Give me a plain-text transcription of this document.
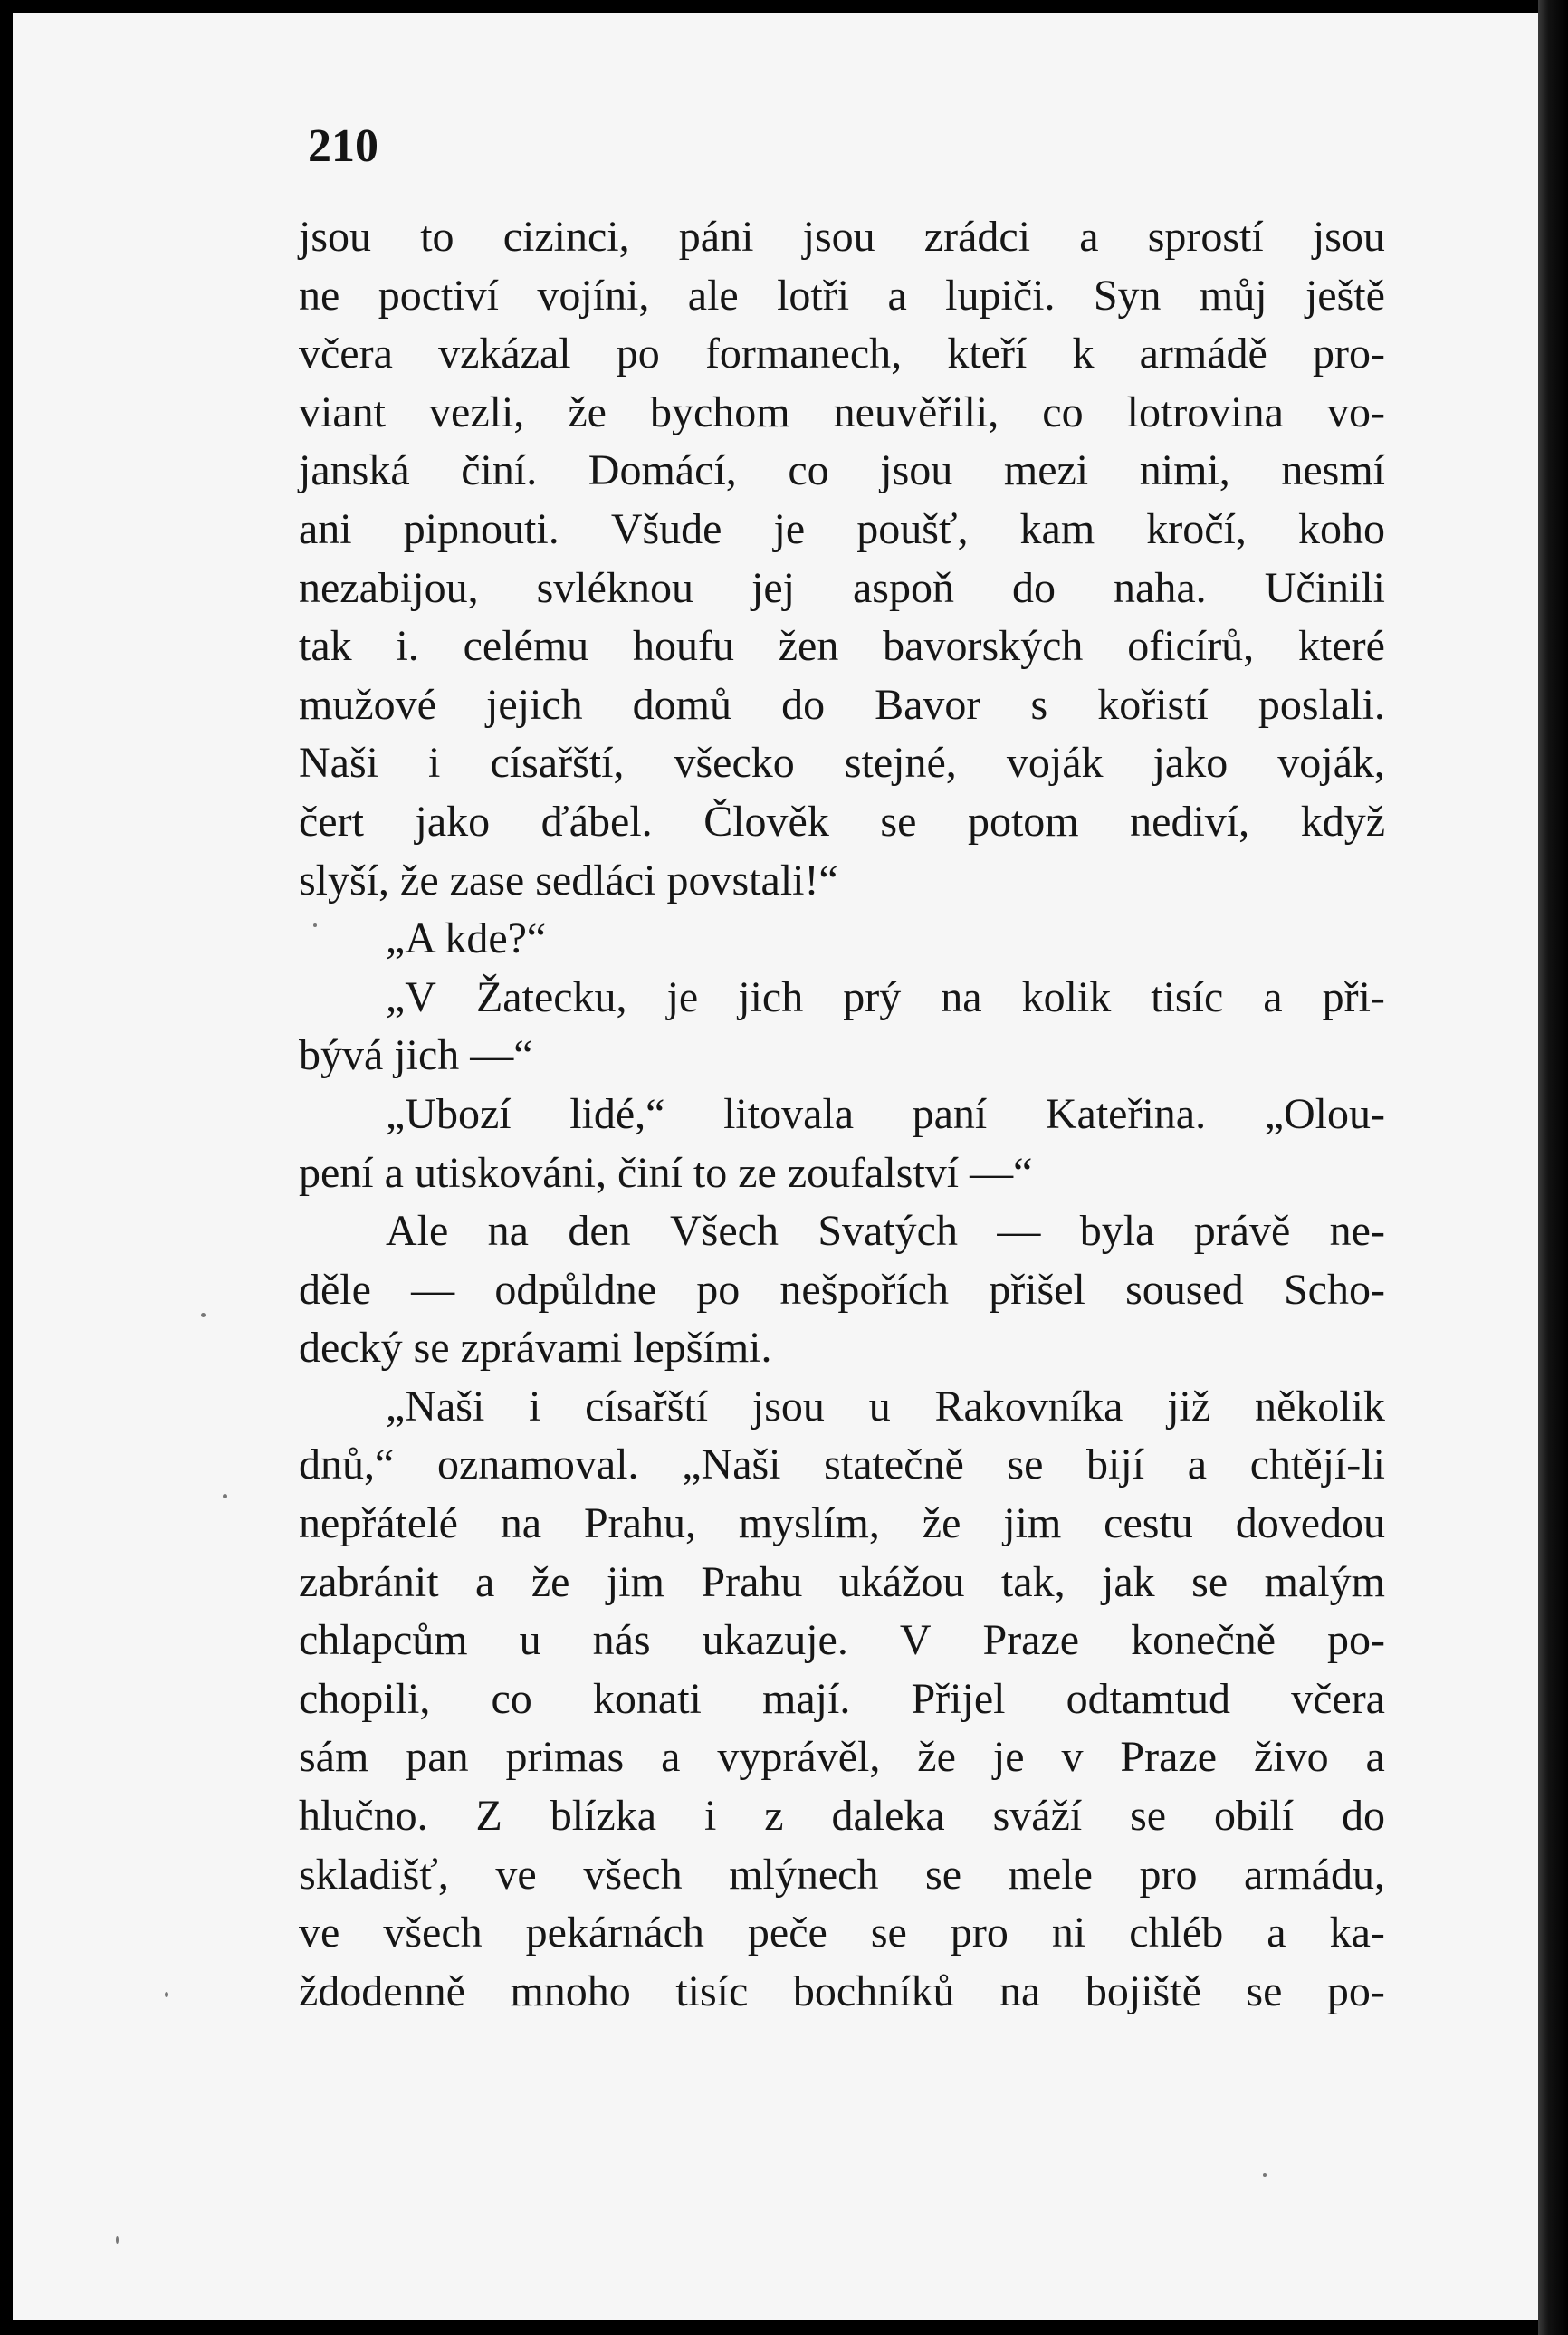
210
jsou to cizinci, páni jsou zrádci a sprostí jsou
ne poctiví vojíni, ale lotři a lupiči. Syn můj ještě
včera vzkázal po formanech, kteří k armádě pro-
viant vezli, že bychom neuvěřili, co lotrovina vo-
janská činí. Domácí, co jsou mezi nimi, nesmí
ani pipnouti. Všude je poušť, kam kročí, koho
nezabijou, svléknou jej aspoň do naha. Učinili
tak i. celému houfu žen bavorských oficírů, které
mužové jejich domů do Bavor s kořistí poslali.
Naši i císařští, všecko stejné, voják jako voják,
čert jako ďábel. Člověk se potom nediví, když
slyší, že zase sedláci povstali!“
„A kde?“
„V Žatecku, je jich prý na kolik tisíc a při-
bývá jich —“
„Ubozí lidé,“ litovala paní Kateřina. „Olou-
pení a utiskováni, činí to ze zoufalství —“
Ale na den Všech Svatých — byla právě ne-
děle — odpůldne po nešpořích přišel soused Scho-
decký se zprávami lepšími.
„Naši i císařští jsou u Rakovníka již několik
dnů,“ oznamoval. „Naši statečně se bijí a chtějí-li
nepřátelé na Prahu, myslím, že jim cestu dovedou
zabránit a že jim Prahu ukážou tak, jak se malým
chlapcům u nás ukazuje. V Praze konečně po-
chopili, co konati mají. Přijel odtamtud včera
sám pan primas a vyprávěl, že je v Praze živo a
hlučno. Z blízka i z daleka sváží se obilí do
skladišť, ve všech mlýnech se mele pro armádu,
ve všech pekárnách peče se pro ni chléb a ka-
ždodenně mnoho tisíc bochníků na bojiště se po-
